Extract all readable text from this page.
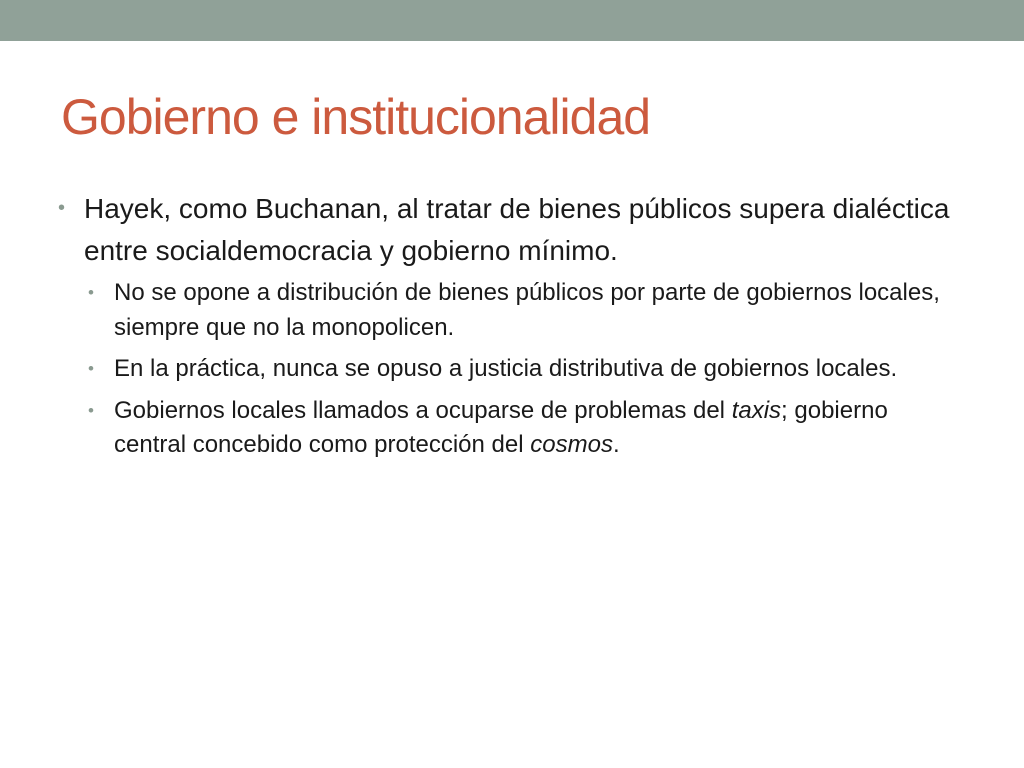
Gobierno e institucionalidad

• Hayek, como Buchanan, al tratar de bienes públicos supera dialéctica entre socialdemocracia y gobierno mínimo.

• No se opone a distribución de bienes públicos por parte de gobiernos locales, siempre que no la monopolicen.

• En la práctica, nunca se opuso a justicia distributiva de gobiernos locales.

• Gobiernos locales llamados a ocuparse de problemas del taxis; gobierno central concebido como protección del cosmos.
